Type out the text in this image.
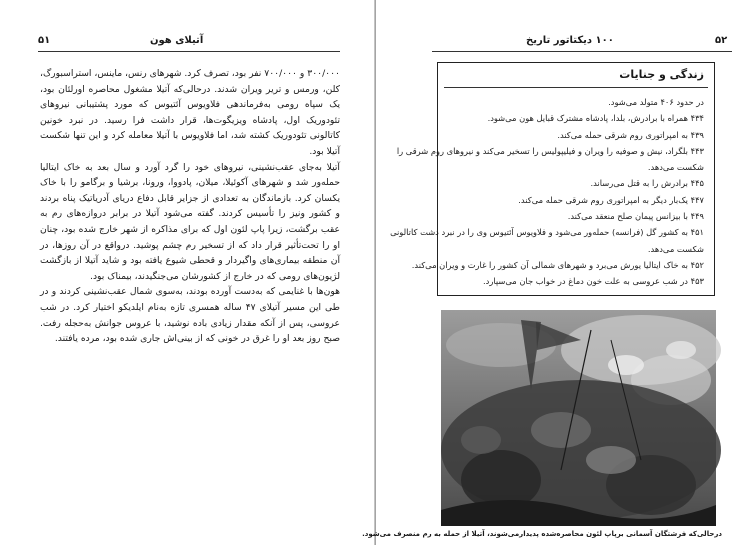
۵۱	آتیلای هون

۳۰۰/۰۰۰ و ۷۰۰/۰۰۰ نفر بود، تصرف کرد. شهرهای رنس، ماینس، استراسبورگ، کلن، ورمس و تریر ویران شدند. درحالی‌که آتیلا مشغول محاصره اورلئان بود، یک سپاه رومی به‌فرماندهی فلاویوس آئتیوس که مورد پشتیبانی نیروهای تئودوریک اول، پادشاه ویزیگوت‌ها، قرار داشت فرا رسید. در نبرد خونین کاتالونی تئودوریک کشته شد، اما فلاویوس با آتیلا معامله کرد و این تنها شکست آتیلا بود.

آتیلا به‌جای عقب‌نشینی، نیروهای خود را گرد آورد و سال بعد به خاک ایتالیا حمله‌ور شد و شهرهای آکوئیلا، میلان، پادووا، ورونا، برشیا و برگامو را با خاک یکسان کرد. بازماندگان به تعدادی از جزایر قابل دفاع دریای آدریاتیک پناه بردند و کشور ونیز را تأسیس کردند. گفته می‌شود آتیلا در برابر دروازه‌های رم به عقب برگشت، زیرا پاپ لئون اول که برای مذاکره از شهر خارج شده بود، چنان او را تحت‌تأثیر قرار داد که از تسخیر رم چشم پوشید. درواقع در آن روزها، در آن منطقه بیماری‌های واگیردار و قحطی شیوع یافته بود و شاید آتیلا از بازگشت لژیون‌های رومی که در خارج از کشورشان می‌جنگیدند، بیمناک بود.

هون‌ها با غنایمی که به‌دست آورده بودند، به‌سوی شمال عقب‌نشینی کردند و در طی این مسیر آتیلای ۴۷ ساله همسری تازه به‌نام ایلدیکو اختیار کرد. در شب عروسی، پس از آنکه مقدار زیادی باده نوشید، با عروس جوانش به‌حجله رفت. صبح روز بعد او را غرق در خونی که از بینی‌اش جاری شده بود، مرده یافتند.

۱۰۰ دیکتاتور تاریخ	۵۲
زندگی و جنایات
در حدود ۴۰۶ متولد می‌شود.
۴۳۴ همراه با برادرش، بلدا، پادشاه مشترک قبایل هون می‌شود.
۴۳۹ به امپراتوری روم شرقی حمله می‌کند.
۴۴۳ بلگراد، نیش و صوفیه را ویران و فیلیپولیس را تسخیر می‌کند و نیروهای روم شرقی را
شکست می‌دهد.
۴۴۵ برادرش را به قتل می‌رساند.
۴۴۷ یک‌بار دیگر به امپراتوری روم شرقی حمله می‌کند.
۴۴۹ با بیزانس پیمان صلح منعقد می‌کند.
۴۵۱ به کشور گل (فرانسه) حمله‌ور می‌شود و فلاویوس آئتیوس وی را در نبرد دشت کاتالونی
شکست می‌دهد.
۴۵۲ به خاک ایتالیا یورش می‌برد و شهرهای شمالی آن کشور را غارت و ویران می‌کند.
۴۵۳ در شب عروسی به علت خون دماغ در خواب جان می‌سپارد.
درحالی‌که فرشتگان آسمانی برپاپ لئون محاصره‌شده پدیدارمی‌شوند، آتیلا از حمله به رم منصرف می‌شود.
